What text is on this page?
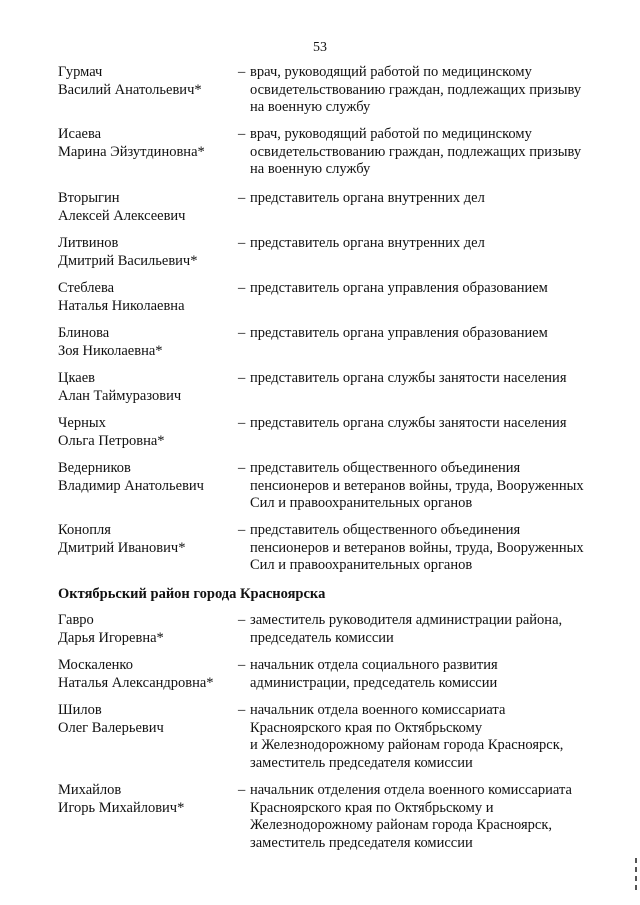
53
Гурмач
Василий Анатольевич*
– врач, руководящий работой по медицинскому
освидетельствованию граждан, подлежащих призыву
на военную службу
Исаева
Марина Эйзутдиновна*
– врач, руководящий работой по медицинскому
освидетельствованию граждан, подлежащих призыву
на военную службу
Вторыгин
Алексей Алексеевич
– представитель органа внутренних дел
Литвинов
Дмитрий Васильевич*
– представитель органа внутренних дел
Стеблева
Наталья Николаевна
– представитель органа управления образованием
Блинова
Зоя Николаевна*
– представитель органа управления образованием
Цкаев
Алан Таймуразович
– представитель органа службы занятости населения
Черных
Ольга Петровна*
– представитель органа службы занятости населения
Ведерников
Владимир Анатольевич
– представитель общественного объединения
пенсионеров и ветеранов войны, труда, Вооруженных
Сил и правоохранительных органов
Конопля
Дмитрий Иванович*
– представитель общественного объединения
пенсионеров и ветеранов войны, труда, Вооруженных
Сил и правоохранительных органов
Октябрьский район города Красноярска
Гавро
Дарья Игоревна*
– заместитель руководителя администрации района,
председатель комиссии
Москаленко
Наталья Александровна*
– начальник отдела социального развития
администрации, председатель комиссии
Шилов
Олег Валерьевич
– начальник отдела военного комиссариата
Красноярского края по Октябрьскому
и Железнодорожному районам города Красноярск,
заместитель председателя комиссии
Михайлов
Игорь Михайлович*
– начальник отделения отдела военного комиссариата
Красноярского края по Октябрьскому и
Железнодорожному районам города Красноярск,
заместитель председателя комиссии
